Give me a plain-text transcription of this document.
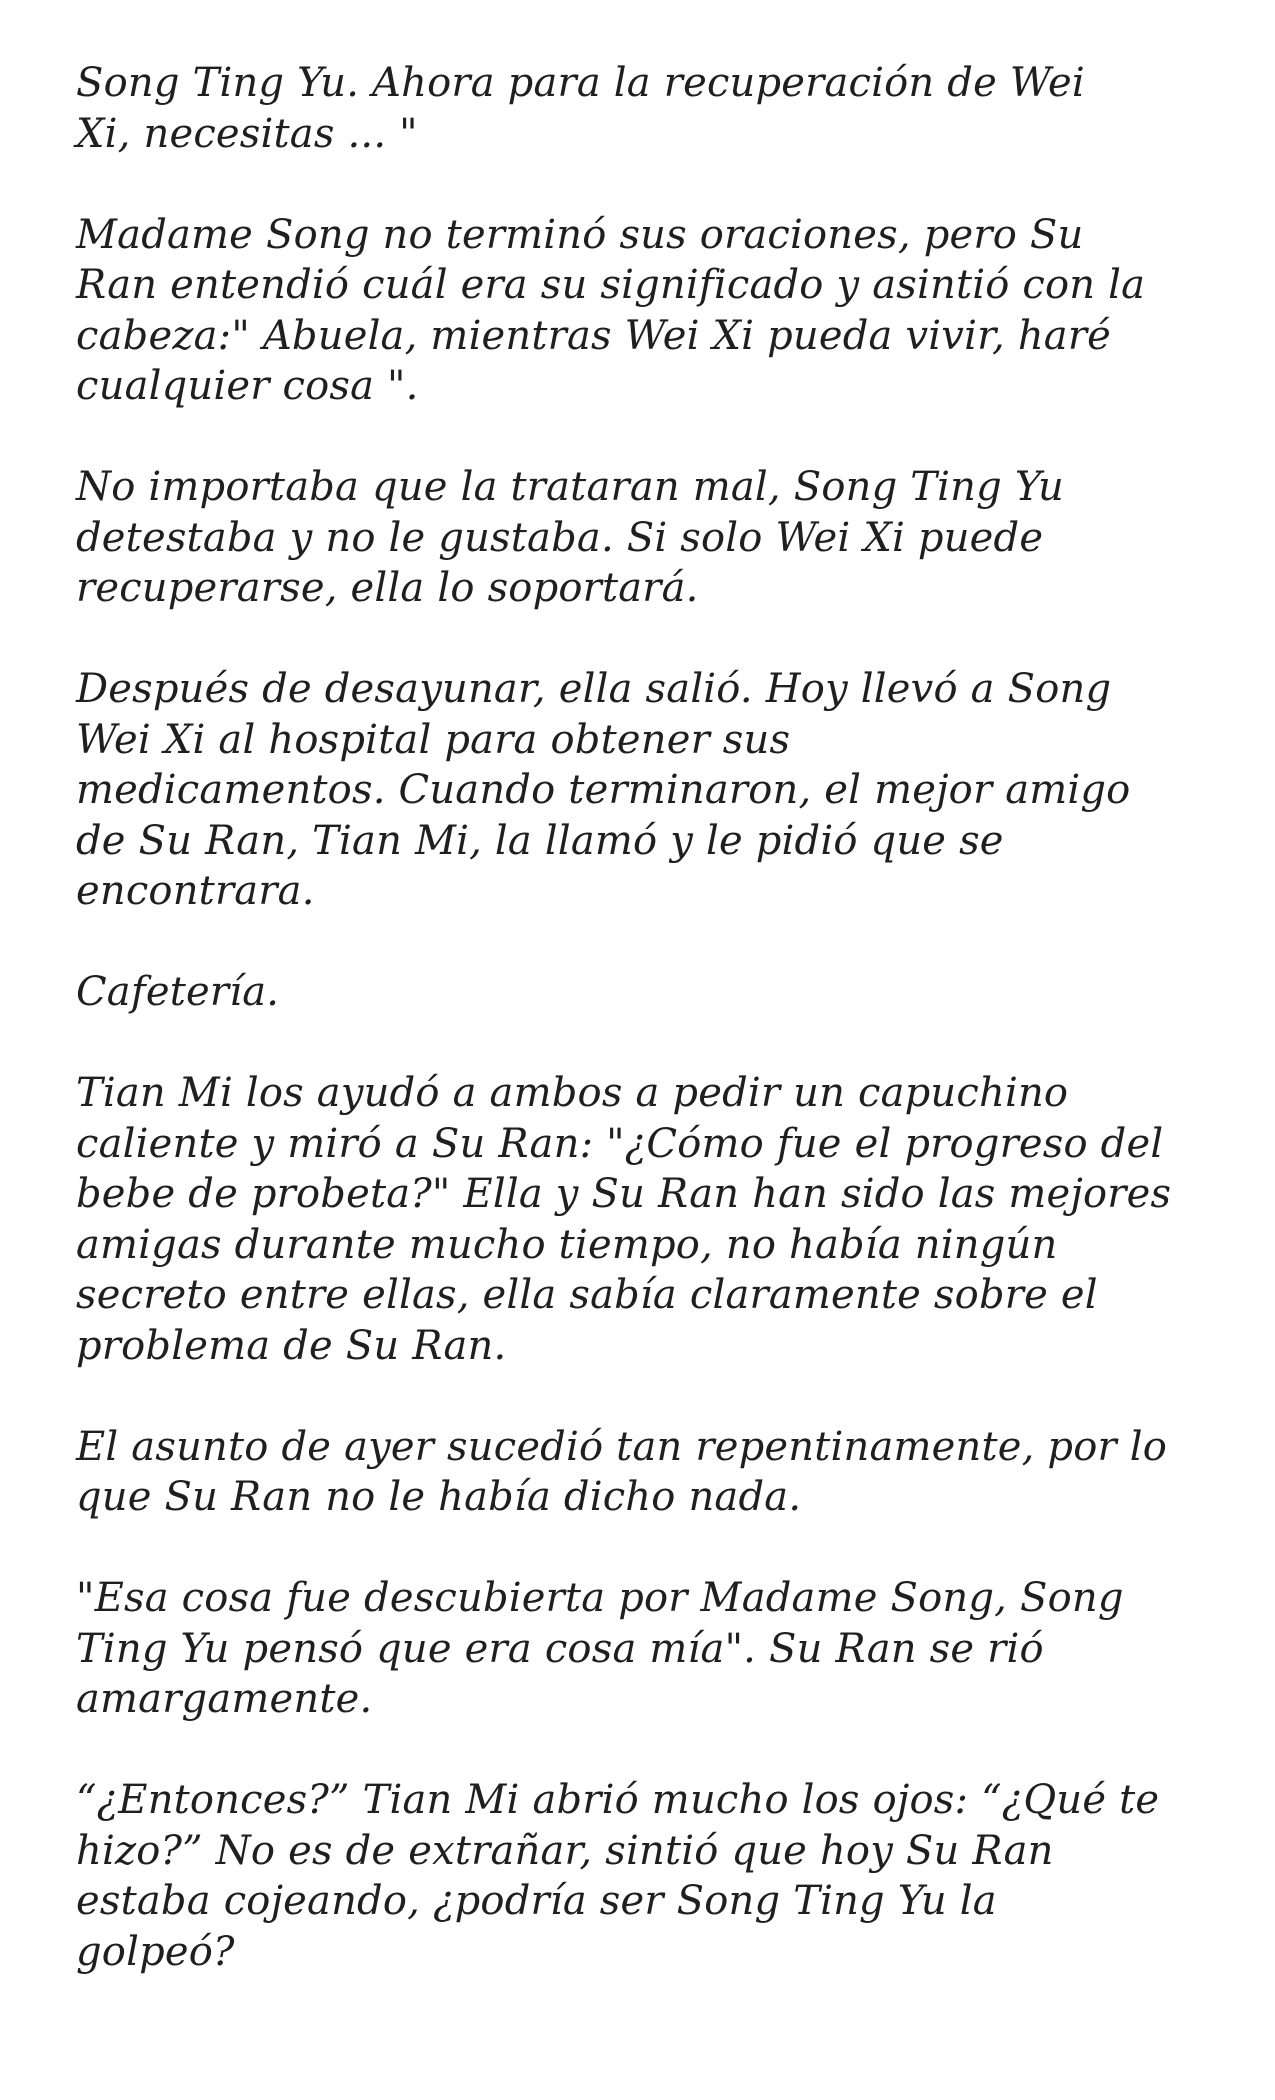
Song Ting Yu. Ahora para la recuperación de Wei
Xi, necesitas ... "

Madame Song no terminó sus oraciones, pero Su
Ran entendió cuál era su significado y asintió con la
cabeza:" Abuela, mientras Wei Xi pueda vivir, haré
cualquier cosa ".

No importaba que la trataran mal, Song Ting Yu
detestaba y no le gustaba. Si solo Wei Xi puede
recuperarse, ella lo soportará.

Después de desayunar, ella salió. Hoy llevó a Song
Wei Xi al hospital para obtener sus
medicamentos. Cuando terminaron, el mejor amigo
de Su Ran, Tian Mi, la llamó y le pidió que se
encontrara.

Cafetería.

Tian Mi los ayudó a ambos a pedir un capuchino
caliente y miró a Su Ran: "¿Cómo fue el progreso del
bebe de probeta?" Ella y Su Ran han sido las mejores
amigas durante mucho tiempo, no había ningún
secreto entre ellas, ella sabía claramente sobre el
problema de Su Ran.

El asunto de ayer sucedió tan repentinamente, por lo
que Su Ran no le había dicho nada.

"Esa cosa fue descubierta por Madame Song, Song
Ting Yu pensó que era cosa mía". Su Ran se rió
amargamente.

“¿Entonces?” Tian Mi abrió mucho los ojos: “¿Qué te
hizo?” No es de extrañar, sintió que hoy Su Ran
estaba cojeando, ¿podría ser Song Ting Yu la
golpeó?
